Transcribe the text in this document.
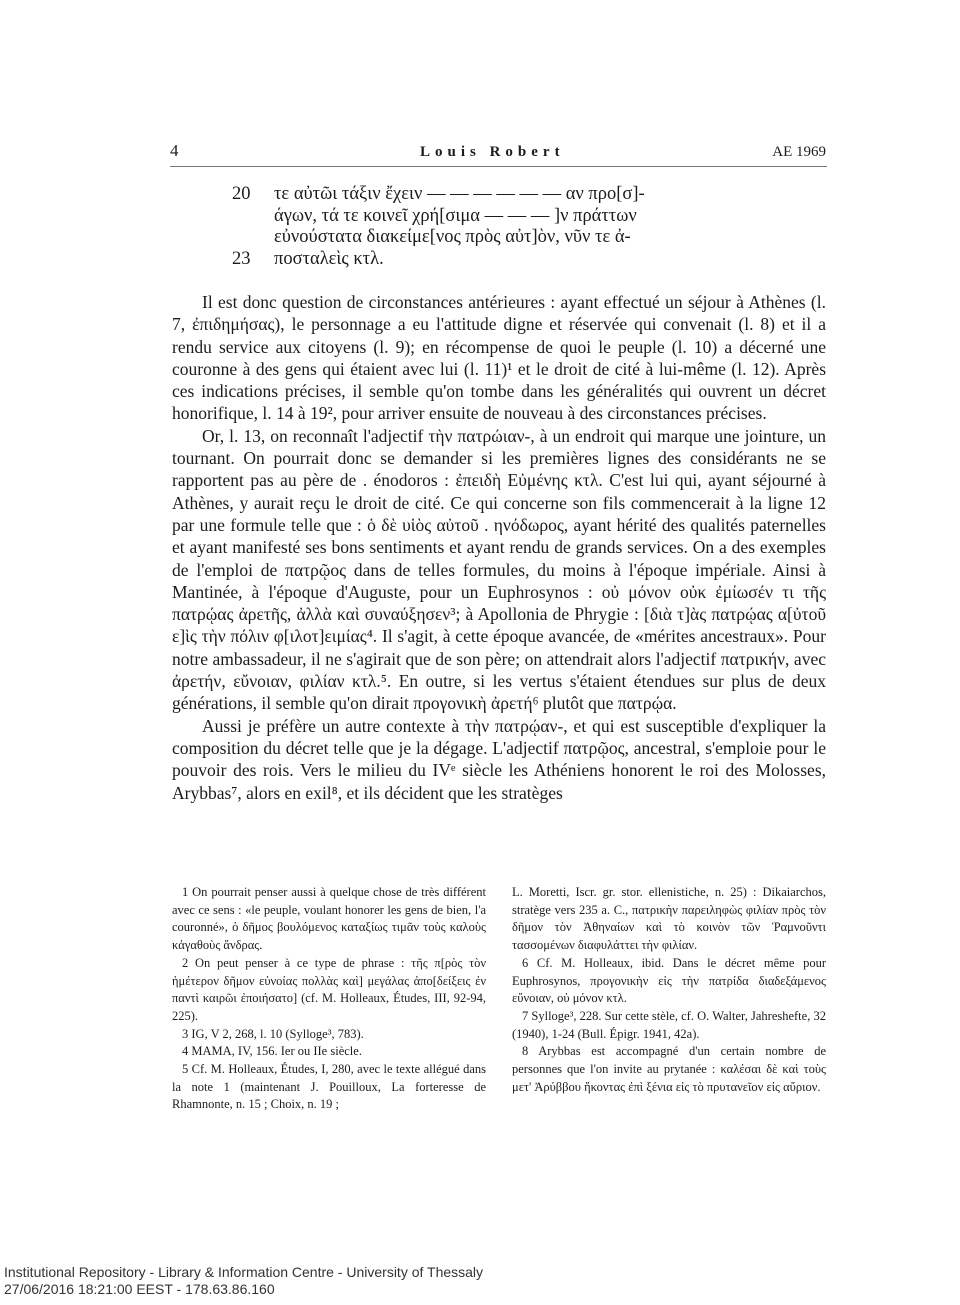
4	Louis Robert	ΑΕ 1969
20	τε αὐτῶι τάξιν ἔχειν — — — — — — αν προ[σ]-
άγων, τά τε κοινεῖ χρή[σιμα — — — ]ν πράττων
εὐνούστατα διακείμε[νος πρὸς αὐτ]ὸν, νῦν τε ἀ-
23	ποσταλεὶς κτλ.

Il est donc question de circonstances antérieures : ayant effectué un séjour à Athènes (l. 7, ἐπιδημήσας), le personnage a eu l'attitude digne et réservée qui convenait (l. 8) et il a rendu service aux citoyens (l. 9); en récompense de quoi le peuple (l. 10) a décerné une couronne à des gens qui étaient avec lui (l. 11)¹ et le droit de cité à lui-même (l. 12). Après ces indications précises, il semble qu'on tombe dans les généralités qui ouvrent un décret honorifique, l. 14 à 19², pour arriver ensuite de nouveau à des circonstances précises.

Or, l. 13, on reconnaît l'adjectif τὴν πατρώιαν-, à un endroit qui marque une jointure, un tournant. On pourrait donc se demander si les premières lignes des considérants ne se rapportent pas au père de . énodoros : ἐπειδὴ Εὐμένης κτλ. C'est lui qui, ayant séjourné à Athènes, y aurait reçu le droit de cité. Ce qui concerne son fils commencerait à la ligne 12 par une formule telle que : ὁ δὲ υἱὸς αὐτοῦ . ηνόδωρος, ayant hérité des qualités paternelles et ayant manifesté ses bons sentiments et ayant rendu de grands services. On a des exemples de l'emploi de πατρῷος dans de telles formules, du moins à l'époque impériale. Ainsi à Mantinée, à l'époque d'Auguste, pour un Euphrosynos : οὐ μόνον οὐκ ἐμίωσέν τι τῆς πατρῴας ἀρετῆς, ἀλλὰ καὶ συναύξησεν³; à Apollonia de Phrygie : [διὰ τ]ὰς πατρῴας α[ὐτοῦ ε]ὶς τὴν πόλιν φ[ιλοτ]ειμίας⁴. Il s'agit, à cette époque avancée, de «mérites ancestraux». Pour notre ambassadeur, il ne s'agirait que de son père; on attendrait alors l'adjectif πατρικήν, avec ἀρετήν, εὔνοιαν, φιλίαν κτλ.⁵. En outre, si les vertus s'étaient étendues sur plus de deux générations, il semble qu'on dirait προγονικὴ ἀρετή⁶ plutôt que πατρῴα.

Aussi je préfère un autre contexte à τὴν πατρῴαν-, et qui est susceptible d'expliquer la composition du décret telle que je la dégage. L'adjectif πατρῷος, ancestral, s'emploie pour le pouvoir des rois. Vers le milieu du IVᵉ siècle les Athéniens honorent le roi des Molosses, Arybbas⁷, alors en exil⁸, et ils décident que les stratèges

1 On pourrait penser aussi à quelque chose de très différent avec ce sens : «le peuple, voulant honorer les gens de bien, l'a couronné», ὁ δῆμος βουλόμενος καταξίως τιμᾶν τοὺς καλοὺς κἀγαθοὺς ἄνδρας.

2 On peut penser à ce type de phrase : τῆς π[ρὸς τὸν ἡμέτερον δῆμον εὐνοίας πολλὰς καὶ] μεγάλας ἀπο[δείξεις ἐν παντὶ καιρῶι ἐποιήσατο] (cf. M. Holleaux, Études, III, 92-94, 225).

3 IG, V 2, 268, l. 10 (Sylloge³, 783).

4 MAMA, IV, 156. Ier ou IIe siècle.

5 Cf. M. Holleaux, Études, I, 280, avec le texte allégué dans la note 1 (maintenant J. Pouilloux, La forteresse de Rhamnonte, n. 15 ; Choix, n. 19 ;

L. Moretti, Iscr. gr. stor. ellenistiche, n. 25) : Dikaiarchos, stratège vers 235 a. C., πατρικὴν παρειληφὼς φιλίαν πρὸς τὸν δῆμον τὸν Ἀθηναίων καὶ τὸ κοινὸν τῶν Ῥαμνοῦντι τασσομένων διαφυλάττει τὴν φιλίαν.

6 Cf. M. Holleaux, ibid. Dans le décret même pour Euphrosynos, προγονικὴν εἰς τὴν πατρίδα διαδεξάμενος εὔνοιαν, οὐ μόνον κτλ.

7 Sylloge³, 228. Sur cette stèle, cf. O. Walter, Jahreshefte, 32 (1940), 1-24 (Bull. Épigr. 1941, 42a).

8 Arybbas est accompagné d'un certain nombre de personnes que l'on invite au prytanée : καλέσαι δὲ καὶ τοὺς μετ' Ἀρύββου ἥκοντας ἐπὶ ξένια εἰς τὸ πρυτανεῖον εἰς αὔριον.

Institutional Repository - Library & Information Centre - University of Thessaly
27/06/2016 18:21:00 EEST - 178.63.86.160
